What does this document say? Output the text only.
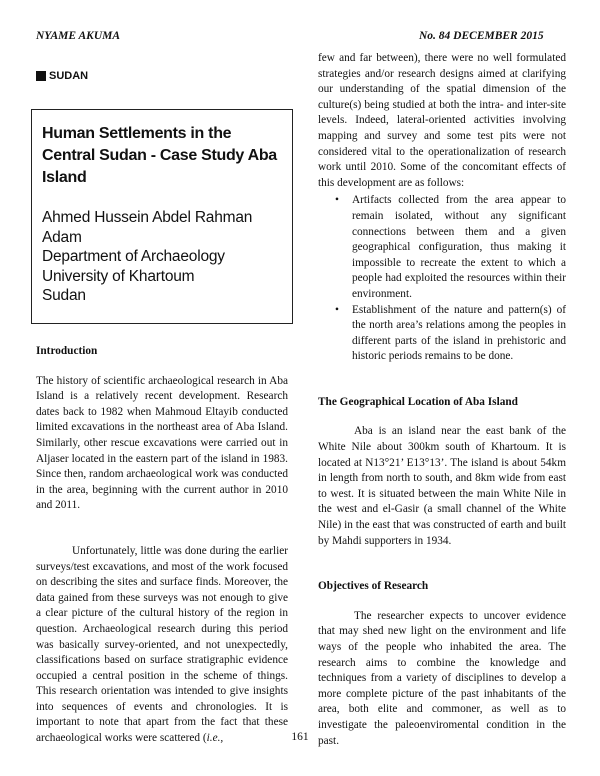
NYAME AKUMA	No. 84 DECEMBER 2015
SUDAN
Human Settlements in the Central Sudan - Case Study Aba Island
Ahmed Hussein Abdel Rahman
Adam
Department of Archaeology
University of Khartoum
Sudan
Introduction

The history of scientific archaeological research in Aba Island is a relatively recent development. Research dates back to 1982 when Mahmoud Eltayib conducted limited excavations in the northeast area of Aba Island. Similarly, other rescue excavations were carried out in Aljaser located in the eastern part of the island in 1983. Since then, random archaeological work was conducted in the area, beginning with the current author in 2010 and 2011.

Unfortunately, little was done during the earlier surveys/test excavations, and most of the work focused on describing the sites and surface finds. Moreover, the data gained from these surveys was not enough to give a clear picture of the cultural history of the region in question. Archaeological research during this period was basically survey-oriented, and not unexpectedly, classifications based on surface stratigraphic evidence occupied a central position in the scheme of things. This research orientation was intended to give insights into sequences of events and chronologies. It is important to note that apart from the fact that these archaeological works were scattered (i.e.,

few and far between), there were no well formulated strategies and/or research designs aimed at clarifying our understanding of the spatial dimension of the culture(s) being studied at both the intra- and inter-site levels. Indeed, lateral-oriented activities involving mapping and survey and some test pits were not considered vital to the operationalization of research work until 2010. Some of the concomitant effects of this development are as follows:
• Artifacts collected from the area appear to remain isolated, without any significant connections between them and a given geographical configuration, thus making it impossible to recreate the extent to which a people had exploited the resources within their environment.
• Establishment of the nature and pattern(s) of the north area’s relations among the peoples in different parts of the island in prehistoric and historic periods remains to be done.
The Geographical Location of Aba Island

Aba is an island near the east bank of the White Nile about 300km south of Khartoum. It is located at N13°21’ E13°13’. The island is about 54km in length from north to south, and 8km wide from east to west. It is situated between the main White Nile in the west and el-Gasir (a small channel of the White Nile) in the east that was constructed of earth and built by Mahdi supporters in 1934.

Objectives of Research

The researcher expects to uncover evidence that may shed new light on the environment and life ways of the people who inhabited the area. The research aims to combine the knowledge and techniques from a variety of disciplines to develop a more complete picture of the past inhabitants of the area, both elite and commoner, as well as to investigate the paleoenviromental condition in the past.

161
